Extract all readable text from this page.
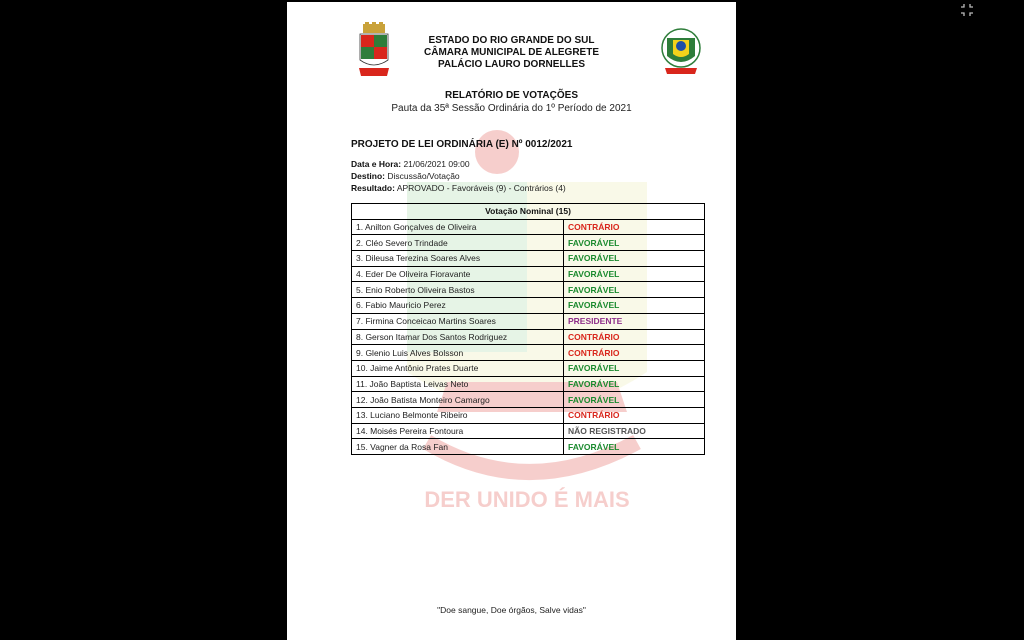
DER UNIDO É MAIS
ESTADO DO RIO GRANDE DO SUL
CÂMARA MUNICIPAL DE ALEGRETE
PALÁCIO LAURO DORNELLES
RELATÓRIO DE VOTAÇÕES
Pauta da 35ª Sessão Ordinária do 1º Período de 2021
PROJETO DE LEI ORDINÁRIA (E) Nº 0012/2021
Data e Hora: 21/06/2021 09:00
Destino: Discussão/Votação
Resultado: APROVADO - Favoráveis (9) - Contrários (4)
Votação Nominal (15)	
1. Anilton Gonçalves de Oliveira	CONTRÁRIO
2. Cléo Severo Trindade	FAVORÁVEL
3. Dileusa Terezina Soares Alves	FAVORÁVEL
4. Eder De Oliveira Fioravante	FAVORÁVEL
5. Enio Roberto Oliveira Bastos	FAVORÁVEL
6. Fabio Mauricio Perez	FAVORÁVEL
7. Firmina Conceicao Martins Soares	PRESIDENTE
8. Gerson Itamar Dos Santos Rodriguez	CONTRÁRIO
9. Glenio Luis Alves Bolsson	CONTRÁRIO
10. Jaime Antônio Prates Duarte	FAVORÁVEL
11. João Baptista Leivas Neto	FAVORÁVEL
12. João Batista Monteiro Camargo	FAVORÁVEL
13. Luciano Belmonte Ribeiro	CONTRÁRIO
14. Moisés Pereira Fontoura	NÃO REGISTRADO
15. Vagner da Rosa Fan	FAVORÁVEL
"Doe sangue, Doe órgãos, Salve vidas"
